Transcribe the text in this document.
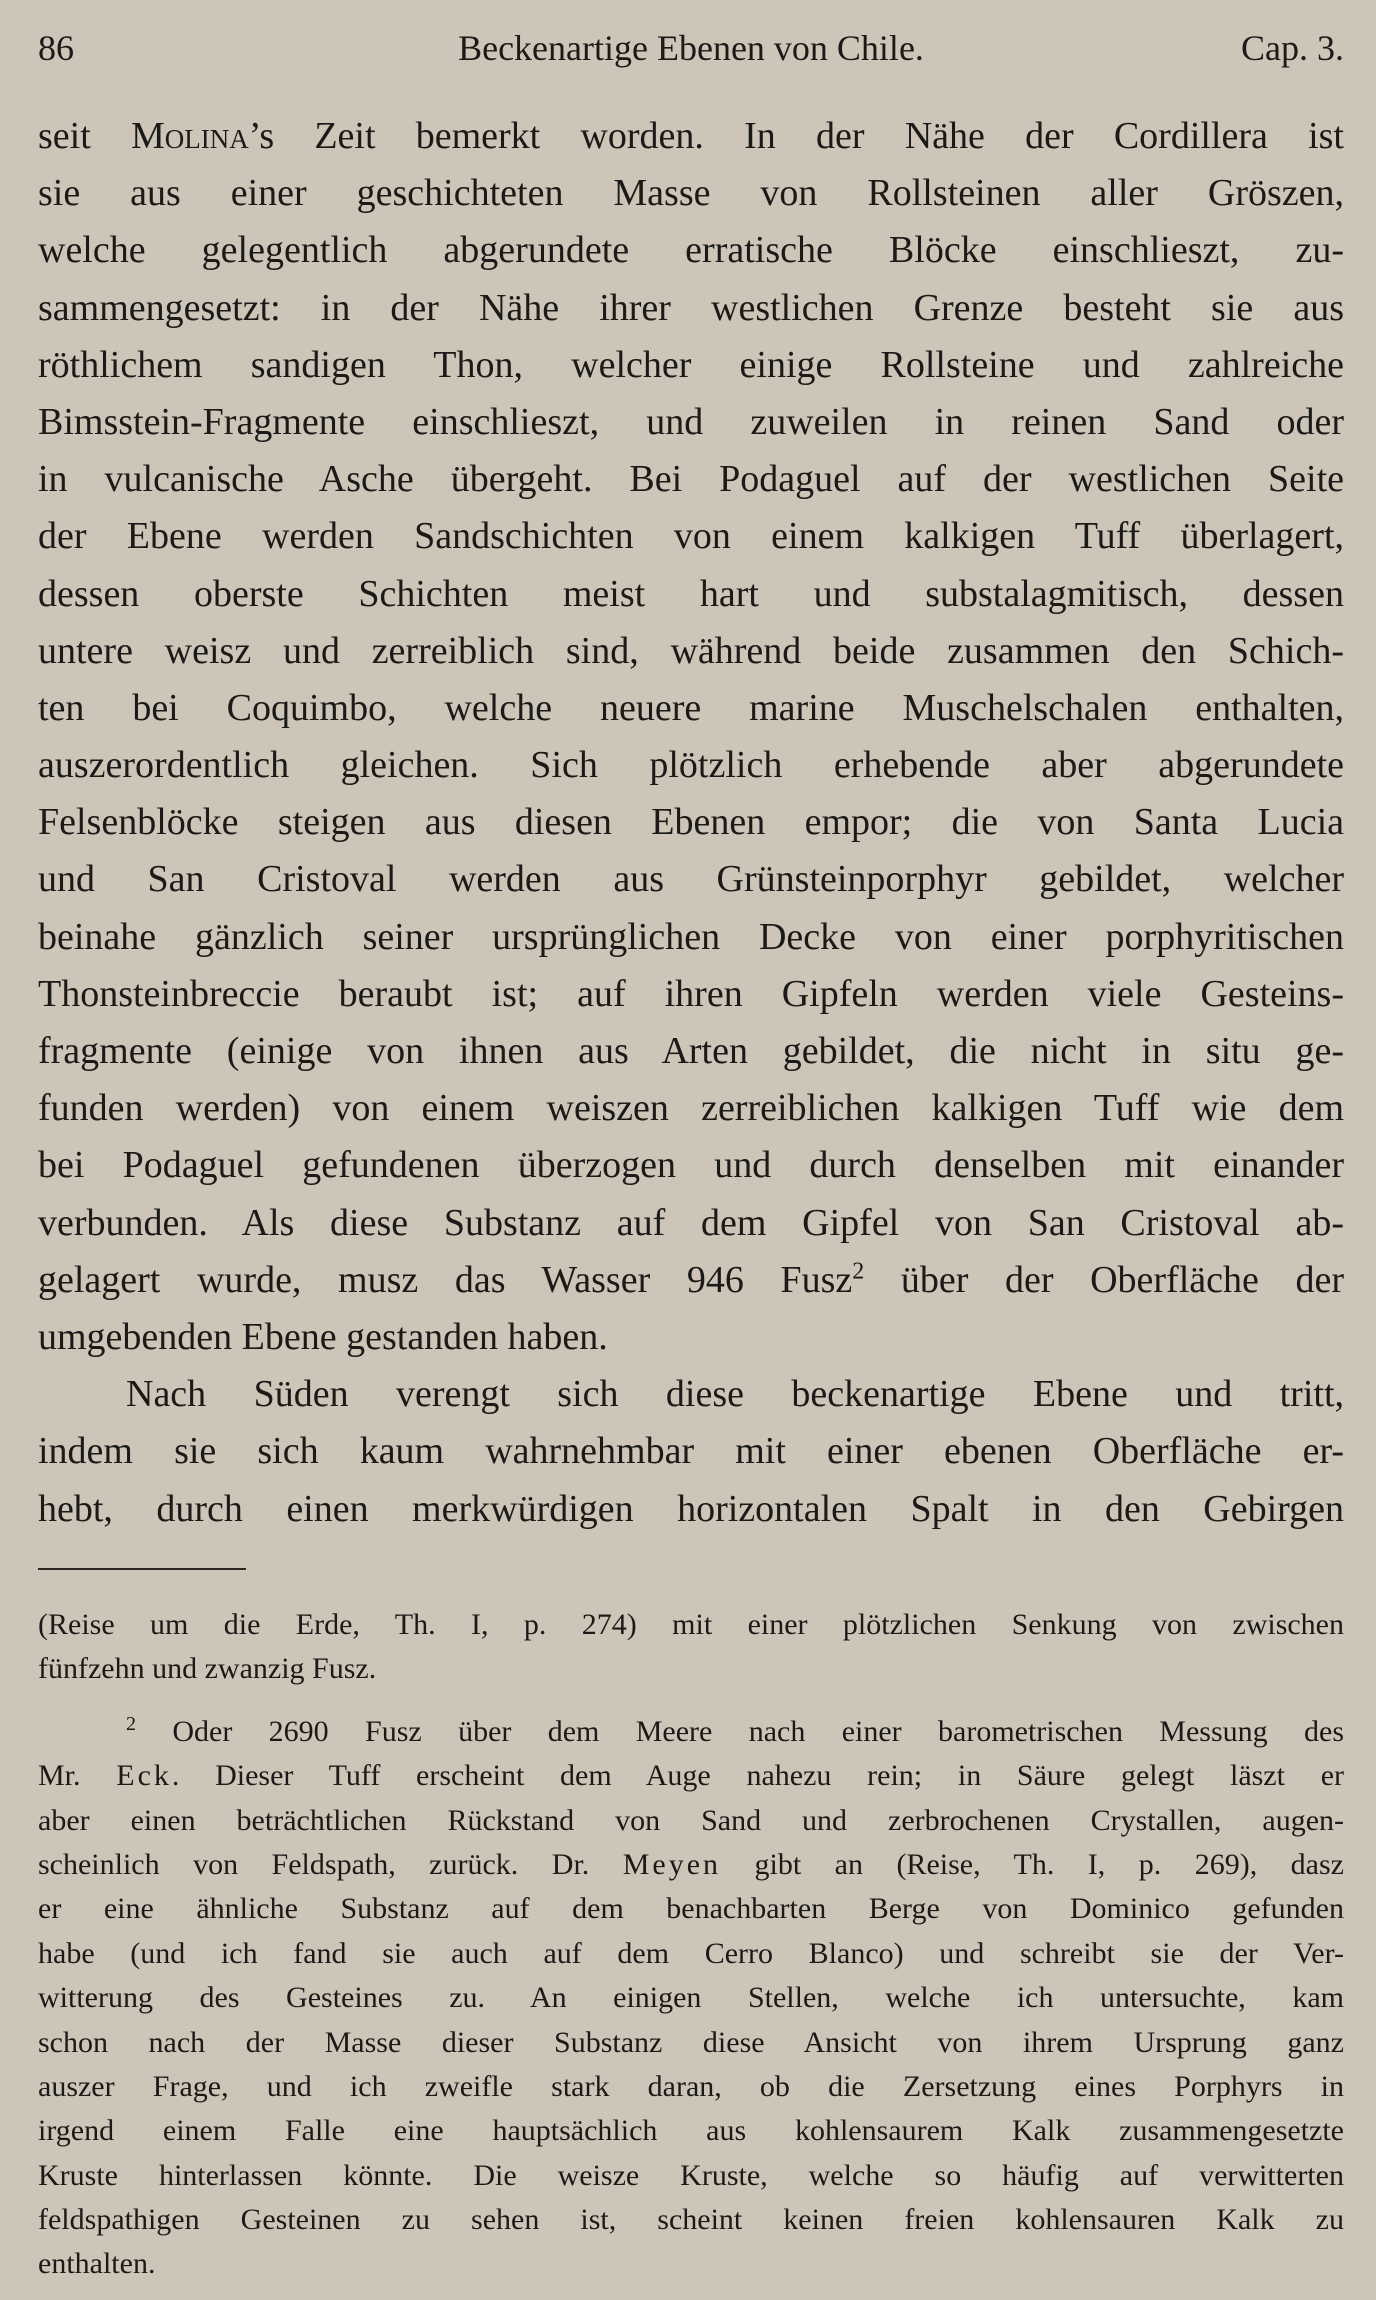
86	Beckenartige Ebenen von Chile.	Cap. 3.
seit Molina’s Zeit bemerkt worden. In der Nähe der Cordillera ist
sie aus einer geschichteten Masse von Rollsteinen aller Gröszen,
welche gelegentlich abgerundete erratische Blöcke einschlieszt, zu-
sammengesetzt: in der Nähe ihrer westlichen Grenze besteht sie aus
röthlichem sandigen Thon, welcher einige Rollsteine und zahlreiche
Bimsstein-Fragmente einschlieszt, und zuweilen in reinen Sand oder
in vulcanische Asche übergeht. Bei Podaguel auf der westlichen Seite
der Ebene werden Sandschichten von einem kalkigen Tuff überlagert,
dessen oberste Schichten meist hart und substalagmitisch, dessen
untere weisz und zerreiblich sind, während beide zusammen den Schich-
ten bei Coquimbo, welche neuere marine Muschelschalen enthalten,
auszerordentlich gleichen. Sich plötzlich erhebende aber abgerundete
Felsenblöcke steigen aus diesen Ebenen empor; die von Santa Lucia
und San Cristoval werden aus Grünsteinporphyr gebildet, welcher
beinahe gänzlich seiner ursprünglichen Decke von einer porphyritischen
Thonsteinbreccie beraubt ist; auf ihren Gipfeln werden viele Gesteins-
fragmente (einige von ihnen aus Arten gebildet, die nicht in situ ge-
funden werden) von einem weiszen zerreiblichen kalkigen Tuff wie dem
bei Podaguel gefundenen überzogen und durch denselben mit einander
verbunden. Als diese Substanz auf dem Gipfel von San Cristoval ab-
gelagert wurde, musz das Wasser 946 Fusz$^2$ über der Oberfläche der
umgebenden Ebene gestanden haben.
Nach Süden verengt sich diese beckenartige Ebene und tritt,
indem sie sich kaum wahrnehmbar mit einer ebenen Oberfläche er-
hebt, durch einen merkwürdigen horizontalen Spalt in den Gebirgen
(Reise um die Erde, Th. I, p. 274) mit einer plötzlichen Senkung von zwischen
fünfzehn und zwanzig Fusz.
$^2$ Oder 2690 Fusz über dem Meere nach einer barometrischen Messung des
Mr. Eck. Dieser Tuff erscheint dem Auge nahezu rein; in Säure gelegt läszt er
aber einen beträchtlichen Rückstand von Sand und zerbrochenen Crystallen, augen-
scheinlich von Feldspath, zurück. Dr. Meyen gibt an (Reise, Th. I, p. 269), dasz
er eine ähnliche Substanz auf dem benachbarten Berge von Dominico gefunden
habe (und ich fand sie auch auf dem Cerro Blanco) und schreibt sie der Ver-
witterung des Gesteines zu. An einigen Stellen, welche ich untersuchte, kam
schon nach der Masse dieser Substanz diese Ansicht von ihrem Ursprung ganz
auszer Frage, und ich zweifle stark daran, ob die Zersetzung eines Porphyrs in
irgend einem Falle eine hauptsächlich aus kohlensaurem Kalk zusammengesetzte
Kruste hinterlassen könnte. Die weisze Kruste, welche so häufig auf verwitterten
feldspathigen Gesteinen zu sehen ist, scheint keinen freien kohlensauren Kalk zu
enthalten.
